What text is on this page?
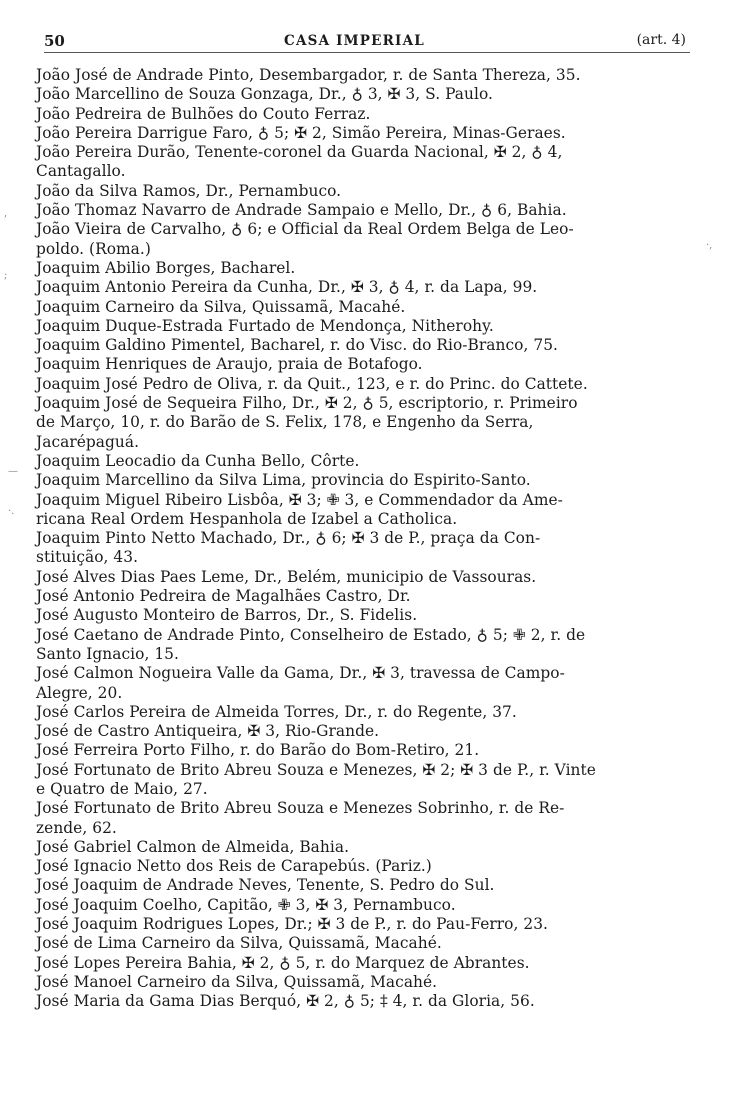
50	CASA IMPERIAL	(art. 4)
João José de Andrade Pinto, Desembargador, r. de Santa Thereza, 35.
João Marcellino de Souza Gonzaga, Dr., ♁ 3, ✠ 3, S. Paulo.
João Pedreira de Bulhões do Couto Ferraz.
João Pereira Darrigue Faro, ♁ 5; ✠ 2, Simão Pereira, Minas-Geraes.
João Pereira Durão, Tenente-coronel da Guarda Nacional, ✠ 2, ♁ 4,
Cantagallo.
João da Silva Ramos, Dr., Pernambuco.
João Thomaz Navarro de Andrade Sampaio e Mello, Dr., ♁ 6, Bahia.
João Vieira de Carvalho, ♁ 6; e Official da Real Ordem Belga de Leo-
poldo. (Roma.)
Joaquim Abilio Borges, Bacharel.
Joaquim Antonio Pereira da Cunha, Dr., ✠ 3, ♁ 4, r. da Lapa, 99.
Joaquim Carneiro da Silva, Quissamã, Macahé.
Joaquim Duque-Estrada Furtado de Mendonça, Nitherohy.
Joaquim Galdino Pimentel, Bacharel, r. do Visc. do Rio-Branco, 75.
Joaquim Henriques de Araujo, praia de Botafogo.
Joaquim José Pedro de Oliva, r. da Quit., 123, e r. do Princ. do Cattete.
Joaquim José de Sequeira Filho, Dr., ✠ 2, ♁ 5, escriptorio, r. Primeiro
de Março, 10, r. do Barão de S. Felix, 178, e Engenho da Serra,
Jacarépaguá.
Joaquim Leocadio da Cunha Bello, Côrte.
Joaquim Marcellino da Silva Lima, provincia do Espirito-Santo.
Joaquim Miguel Ribeiro Lisbôa, ✠ 3; ✙ 3, e Commendador da Ame-
ricana Real Ordem Hespanhola de Izabel a Catholica.
Joaquim Pinto Netto Machado, Dr., ♁ 6; ✠ 3 de P., praça da Con-
stituição, 43.
José Alves Dias Paes Leme, Dr., Belém, municipio de Vassouras.
José Antonio Pedreira de Magalhães Castro, Dr.
José Augusto Monteiro de Barros, Dr., S. Fidelis.
José Caetano de Andrade Pinto, Conselheiro de Estado, ♁ 5; ✙ 2, r. de
Santo Ignacio, 15.
José Calmon Nogueira Valle da Gama, Dr., ✠ 3, travessa de Campo-
Alegre, 20.
José Carlos Pereira de Almeida Torres, Dr., r. do Regente, 37.
José de Castro Antiqueira, ✠ 3, Rio-Grande.
José Ferreira Porto Filho, r. do Barão do Bom-Retiro, 21.
José Fortunato de Brito Abreu Souza e Menezes, ✠ 2; ✠ 3 de P., r. Vinte
e Quatro de Maio, 27.
José Fortunato de Brito Abreu Souza e Menezes Sobrinho, r. de Re-
zende, 62.
José Gabriel Calmon de Almeida, Bahia.
José Ignacio Netto dos Reis de Carapebús. (Pariz.)
José Joaquim de Andrade Neves, Tenente, S. Pedro do Sul.
José Joaquim Coelho, Capitão, ✙ 3, ✠ 3, Pernambuco.
José Joaquim Rodrigues Lopes, Dr.; ✠ 3 de P., r. do Pau-Ferro, 23.
José de Lima Carneiro da Silva, Quissamã, Macahé.
José Lopes Pereira Bahia, ✠ 2, ♁ 5, r. do Marquez de Abrantes.
José Manoel Carneiro da Silva, Quissamã, Macahé.
José Maria da Gama Dias Berquó, ✠ 2, ♁ 5; ‡ 4, r. da Gloria, 56.
,
;
—
·.
·,
